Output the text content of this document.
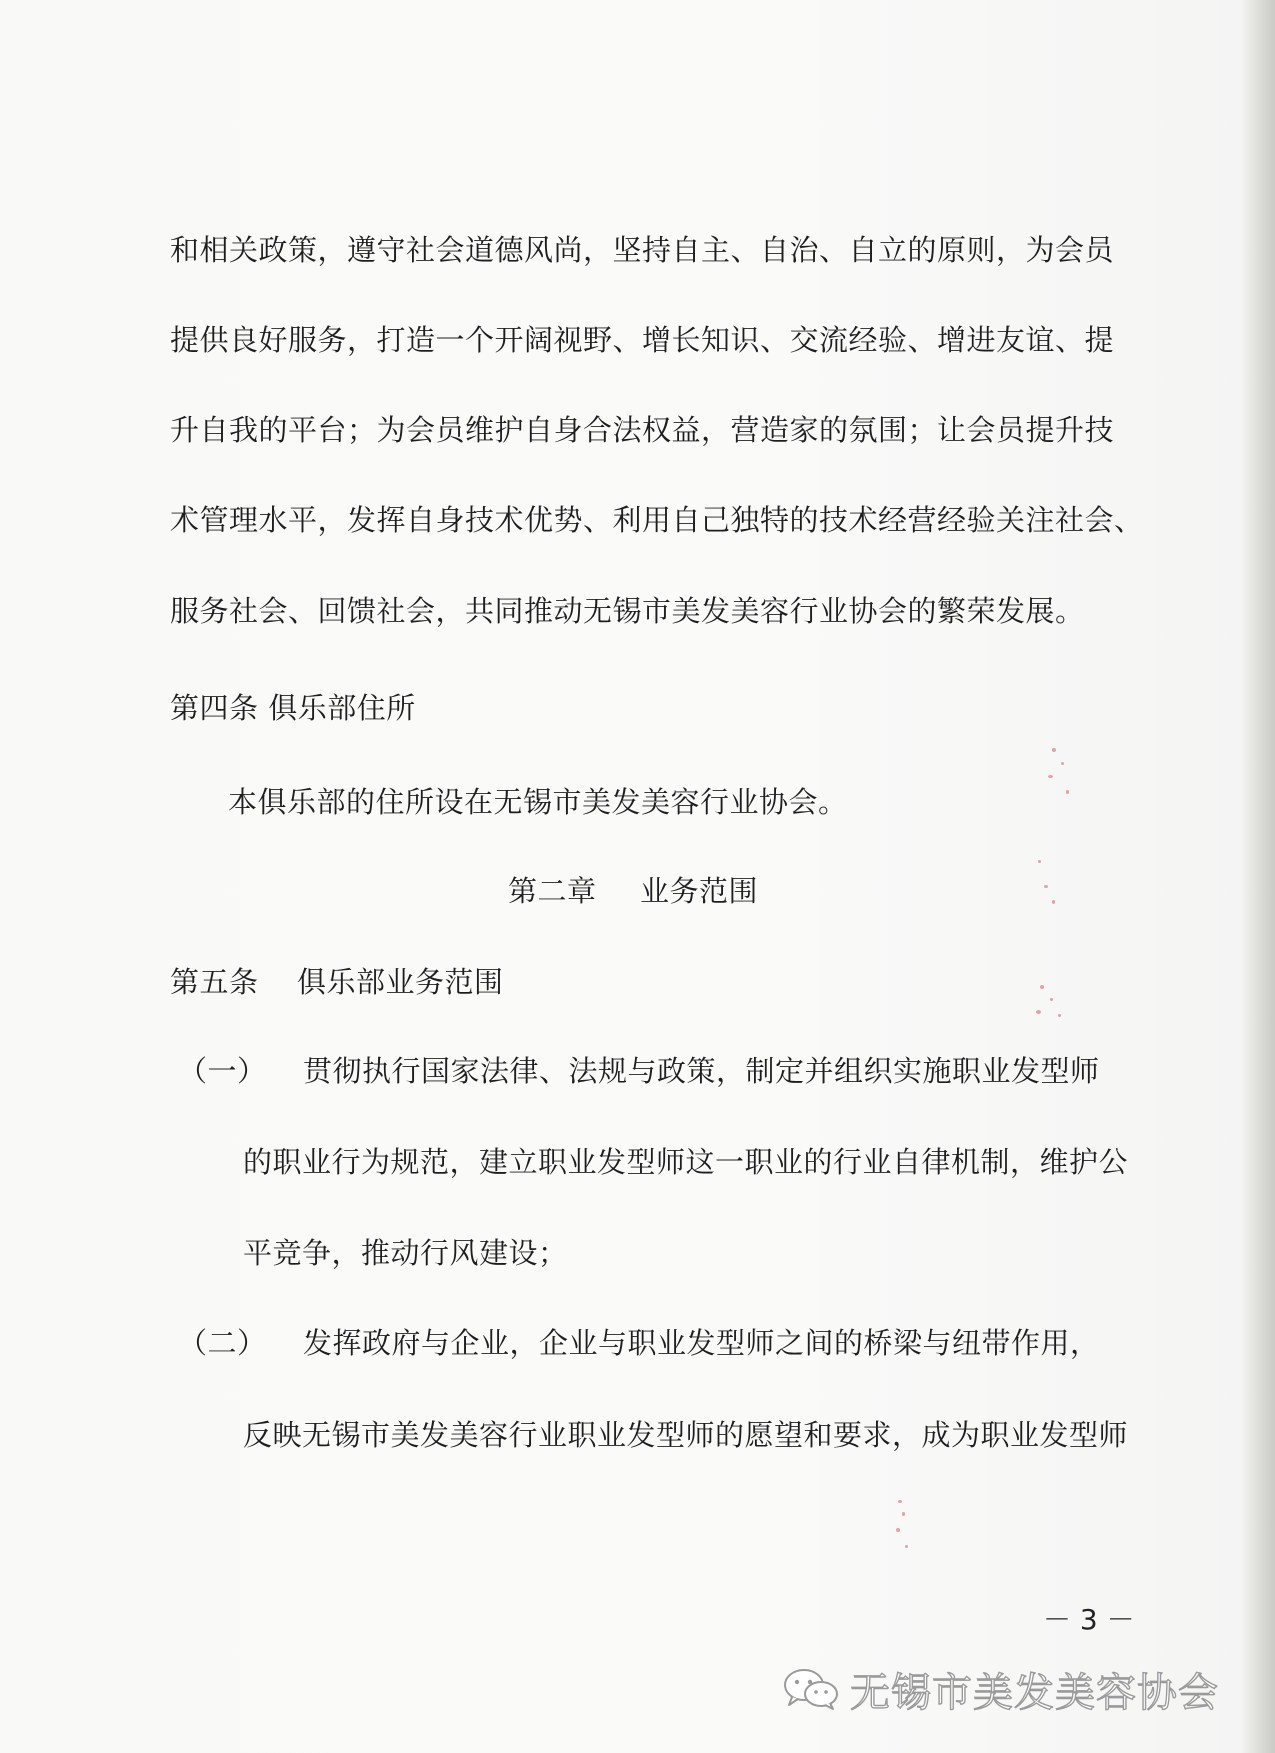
和相关政策，遵守社会道德风尚，坚持自主、自治、自立的原则，为会员
提供良好服务，打造一个开阔视野、增长知识、交流经验、增进友谊、提
升自我的平台；为会员维护自身合法权益，营造家的氛围；让会员提升技
术管理水平，发挥自身技术优势、利用自己独特的技术经营经验关注社会、
服务社会、回馈社会，共同推动无锡市美发美容行业协会的繁荣发展。
第四条 俱乐部住所
本俱乐部的住所设在无锡市美发美容行业协会。
第二章 业务范围
第五条 俱乐部业务范围
（一） 贯彻执行国家法律、法规与政策，制定并组织实施职业发型师
的职业行为规范，建立职业发型师这一职业的行业自律机制，维护公
平竞争，推动行风建设；
（二） 发挥政府与企业，企业与职业发型师之间的桥梁与纽带作用，
反映无锡市美发美容行业职业发型师的愿望和要求，成为职业发型师
－ 3 －
无锡市美发美容协会
